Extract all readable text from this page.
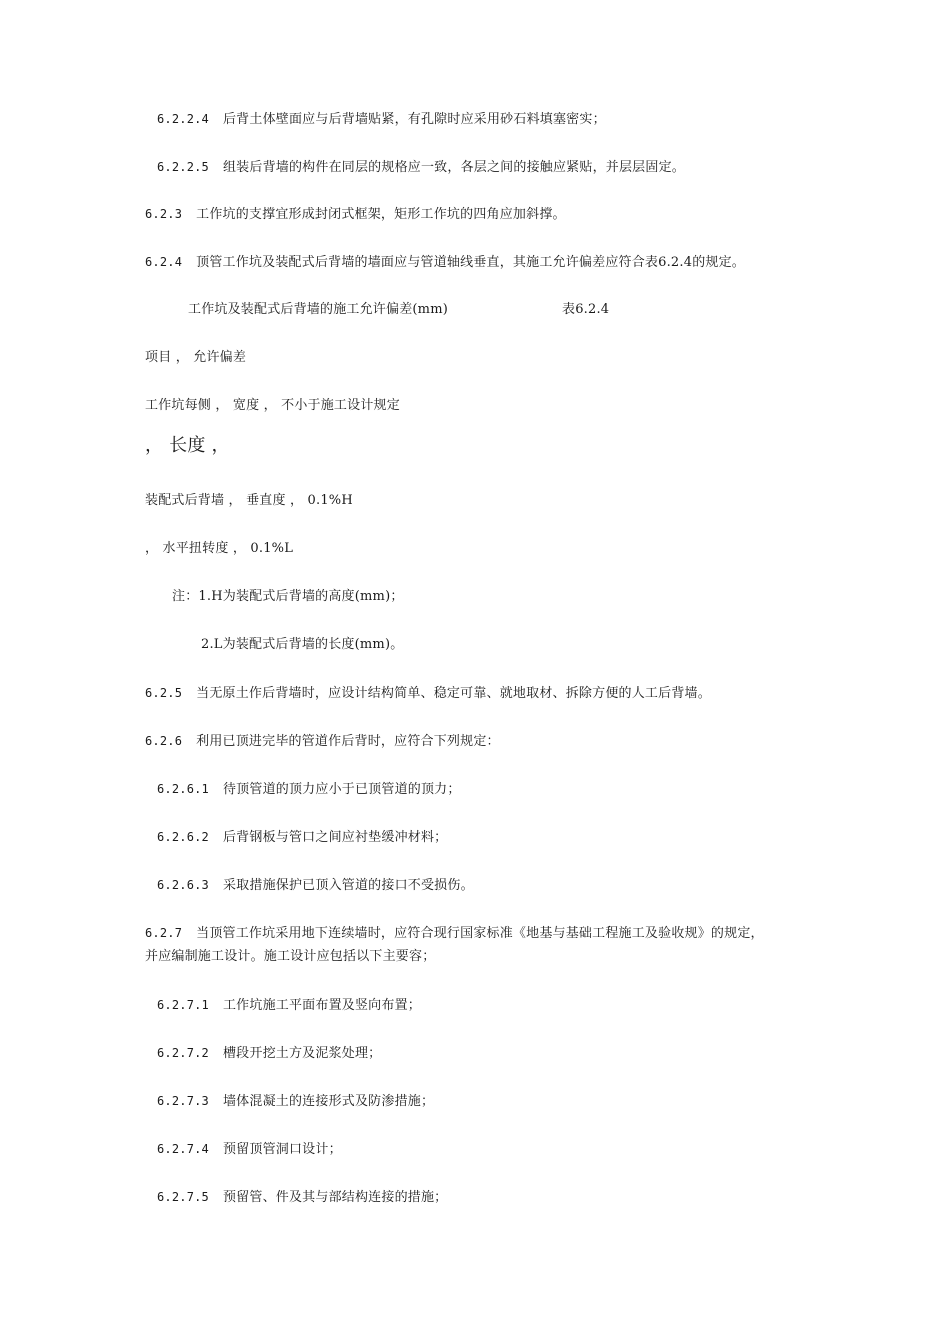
6.2.2.4 后背土体壁面应与后背墙贴紧，有孔隙时应采用砂石料填塞密实；
6.2.2.5 组装后背墙的构件在同层的规格应一致，各层之间的接触应紧贴，并层层固定。
6.2.3 工作坑的支撑宜形成封闭式框架，矩形工作坑的四角应加斜撑。
6.2.4 顶管工作坑及装配式后背墙的墙面应与管道轴线垂直，其施工允许偏差应符合表6.2.4的规定。
工作坑及装配式后背墙的施工允许偏差(mm)	表6.2.4
项目 ， 允许偏差
工作坑每侧 ， 宽度 ， 不小于施工设计规定
， 长度 ，
装配式后背墙 ， 垂直度 ， 0.1%H
， 水平扭转度 ， 0.1%L
注：1.H为装配式后背墙的高度(mm)；
2.L为装配式后背墙的长度(mm)。
6.2.5 当无原土作后背墙时，应设计结构简单、稳定可靠、就地取材、拆除方便的人工后背墙。
6.2.6 利用已顶进完毕的管道作后背时，应符合下列规定：
6.2.6.1 待顶管道的顶力应小于已顶管道的顶力；
6.2.6.2 后背钢板与管口之间应衬垫缓冲材料；
6.2.6.3 采取措施保护已顶入管道的接口不受损伤。
6.2.7 当顶管工作坑采用地下连续墙时，应符合现行国家标准《地基与基础工程施工及验收规》的规定，
并应编制施工设计。施工设计应包括以下主要容；
6.2.7.1 工作坑施工平面布置及竖向布置；
6.2.7.2 槽段开挖土方及泥浆处理；
6.2.7.3 墙体混凝土的连接形式及防渗措施；
6.2.7.4 预留顶管洞口设计；
6.2.7.5 预留管、件及其与部结构连接的措施；
